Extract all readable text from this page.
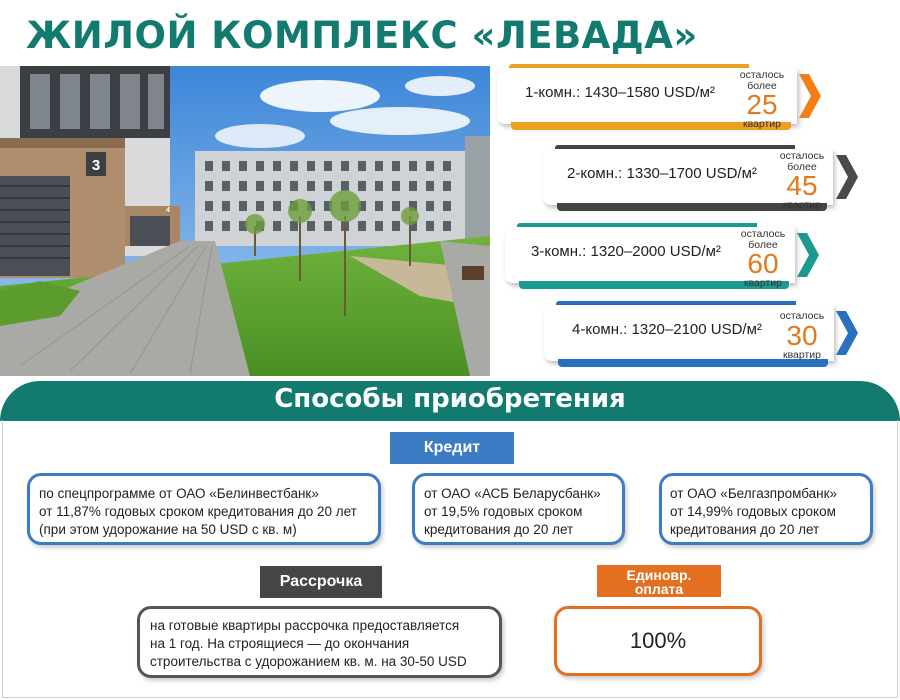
ЖИЛОЙ КОМПЛЕКС «ЛЕВАДА»
3
4
1-комн.: 1430–1580 USD/м²
осталось
более
25
квартир
2-комн.: 1330–1700 USD/м²
осталось
более
45
квартир
3-комн.: 1320–2000 USD/м²
осталось
более
60
квартир
4-комн.: 1320–2100 USD/м²
осталось
30
квартир
Способы приобретения
Кредит
по спецпрограмме от ОАО «Белинвестбанк»
от 11,87% годовых сроком кредитования до 20 лет
(при этом удорожание на 50 USD с кв. м)
от ОАО «АСБ Беларусбанк»
от 19,5% годовых сроком
кредитования до 20 лет
от ОАО «Белгазпромбанк»
от 14,99% годовых сроком
кредитования до 20 лет
Рассрочка
на готовые квартиры рассрочка предоставляется
на 1 год. На строящиеся — до окончания
строительства с удорожанием кв. м. на 30-50 USD
Единовр.
оплата
100%
